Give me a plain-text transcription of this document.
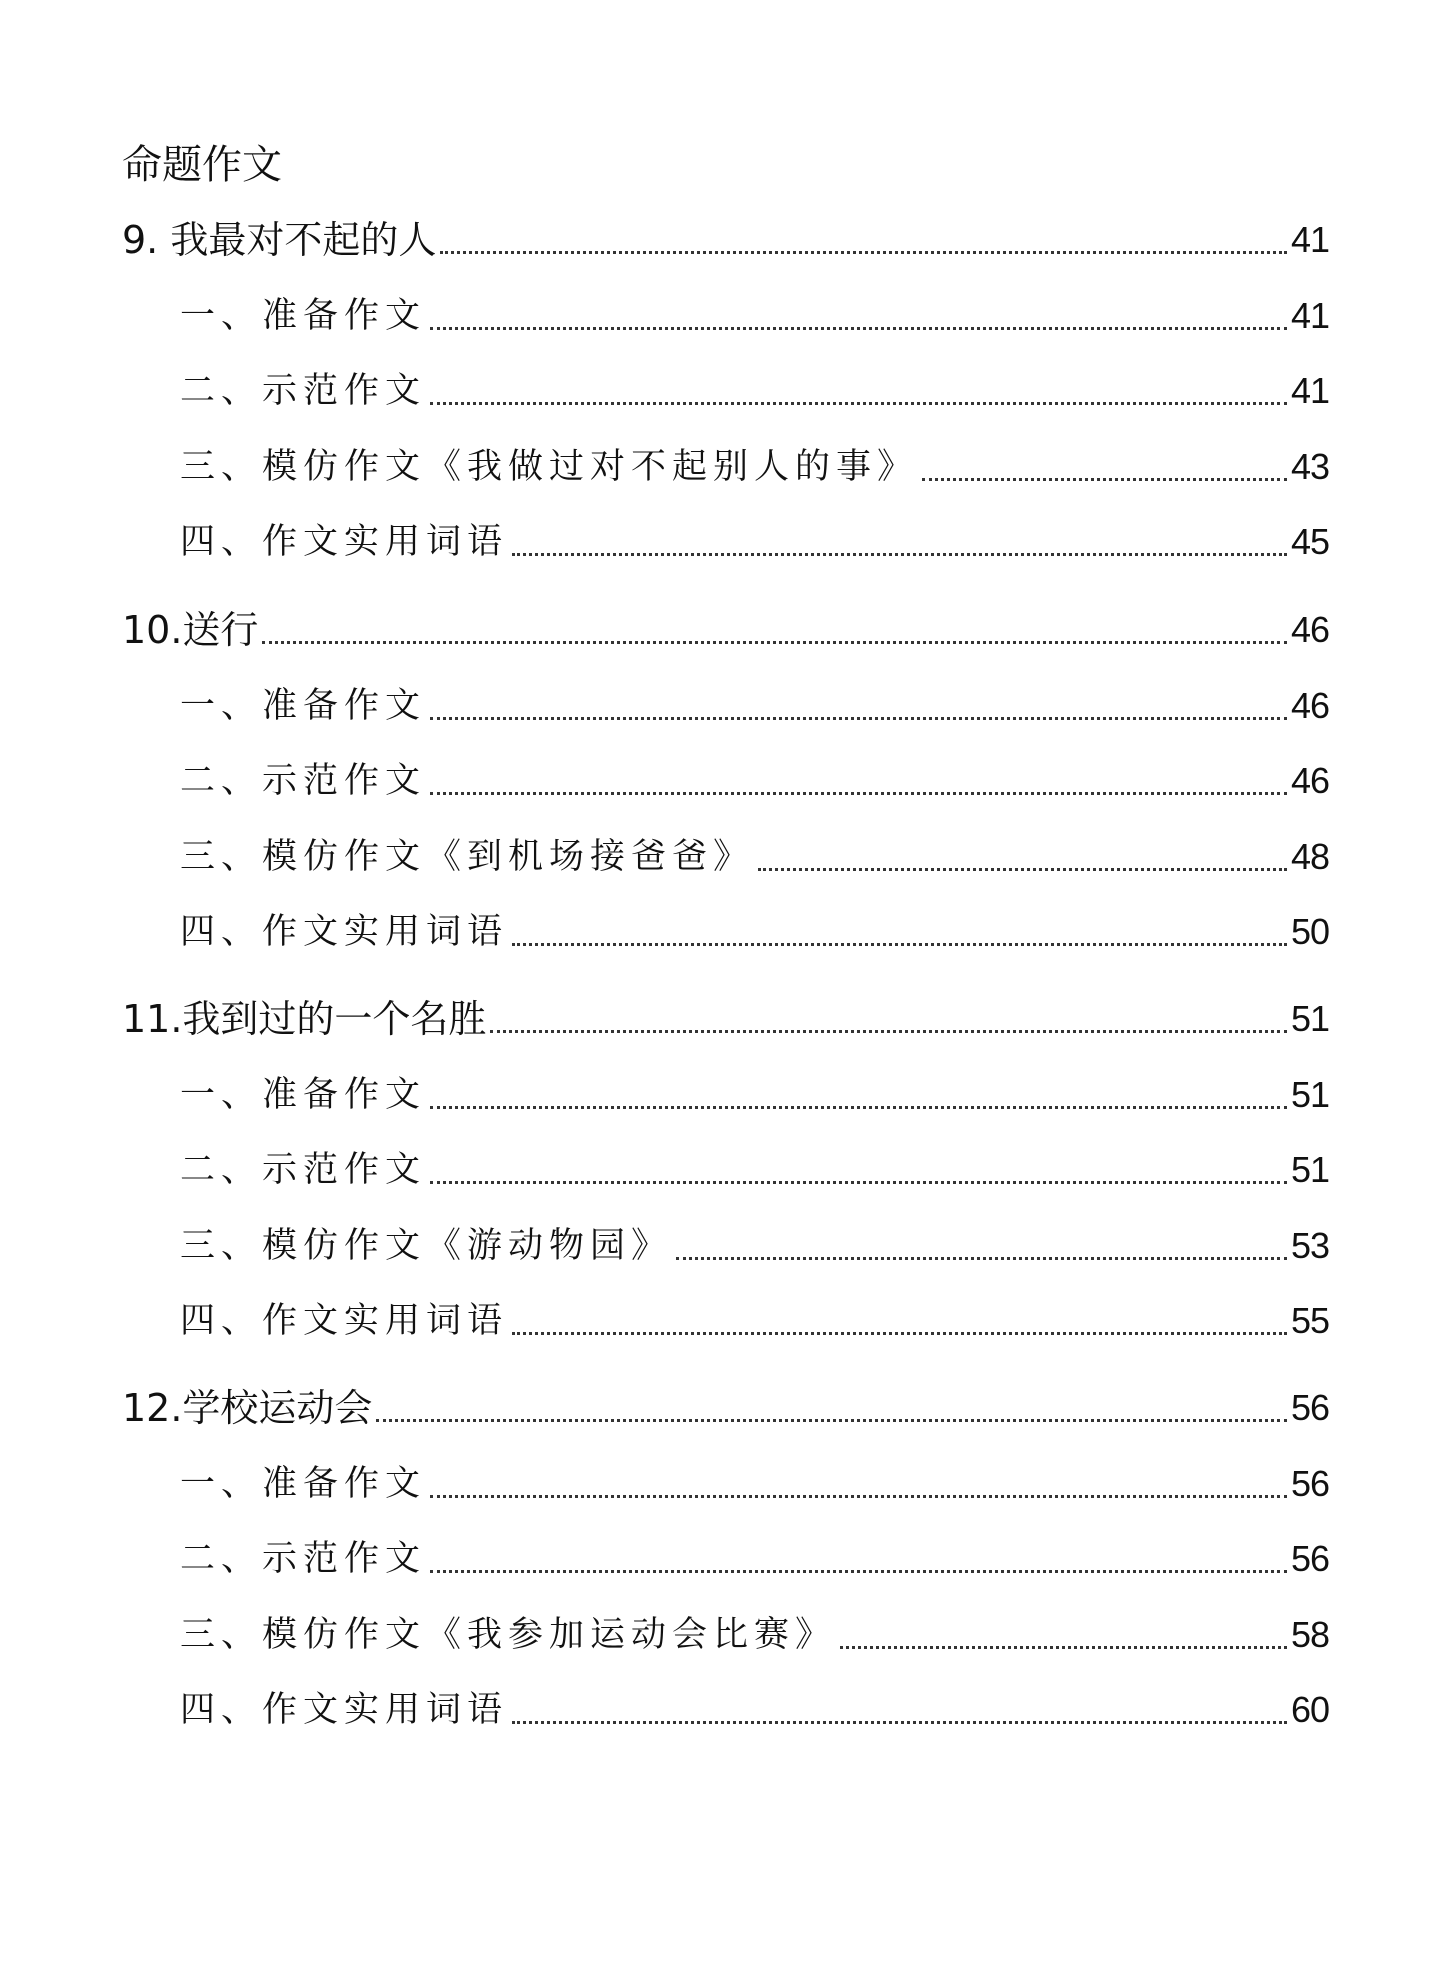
命题作文
9. 我最对不起的人	41
一、准备作文	41
二、示范作文	41
三、模仿作文《我做过对不起别人的事》	43
四、作文实用词语	45
10.送行	46
一、准备作文	46
二、示范作文	46
三、模仿作文《到机场接爸爸》	48
四、作文实用词语	50
11.我到过的一个名胜	51
一、准备作文	51
二、示范作文	51
三、模仿作文《游动物园》	53
四、作文实用词语	55
12.学校运动会	56
一、准备作文	56
二、示范作文	56
三、模仿作文《我参加运动会比赛》	58
四、作文实用词语	60
